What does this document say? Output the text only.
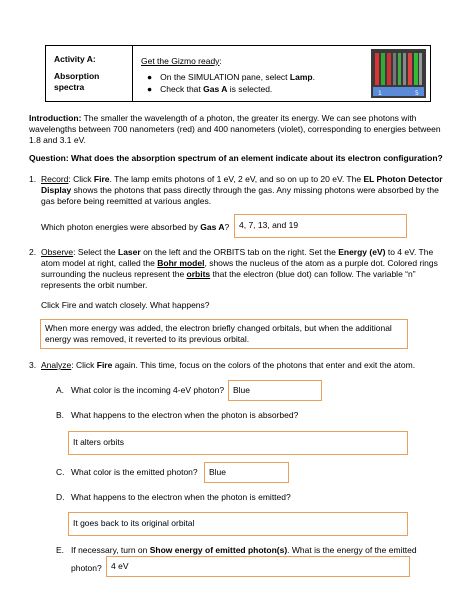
Activity A:
Absorption spectra

Get the Gizmo ready:
● On the SIMULATION pane, select Lamp.
● Check that Gas A is selected.	1	5
Introduction: The smaller the wavelength of a photon, the greater its energy. We can see photons with wavelengths between 700 nanometers (red) and 400 nanometers (violet), corresponding to energies between 1.8 and 3.1 eV.
Question: What does the absorption spectrum of an element indicate about its electron configuration?
1. Record: Click Fire. The lamp emits photons of 1 eV, 2 eV, and so on up to 20 eV. The EL Photon Detector Display shows the photons that pass directly through the gas. Any missing photons were absorbed by the gas before being reemitted at various angles.
Which photon energies were absorbed by Gas A?	4, 7, 13, and 19
2. Observe: Select the Laser on the left and the ORBITS tab on the right. Set the Energy (eV) to 4 eV. The atom model at right, called the Bohr model, shows the nucleus of the atom as a purple dot. Colored rings surrounding the nucleus represent the orbits that the electron (blue dot) can follow. The variable “n” represents the orbit number.
Click Fire and watch closely. What happens?
When more energy was added, the electron briefly changed orbitals, but when the additional energy was removed, it reverted to its previous orbital.
3. Analyze: Click Fire again. This time, focus on the colors of the photons that enter and exit the atom.
A. What color is the incoming 4-eV photon?	Blue
B. What happens to the electron when the photon is absorbed?
It alters orbits
C. What color is the emitted photon?	Blue
D. What happens to the electron when the photon is emitted?
It goes back to its original orbital
E. If necessary, turn on Show energy of emitted photon(s). What is the energy of the emitted
photon?	4 eV
